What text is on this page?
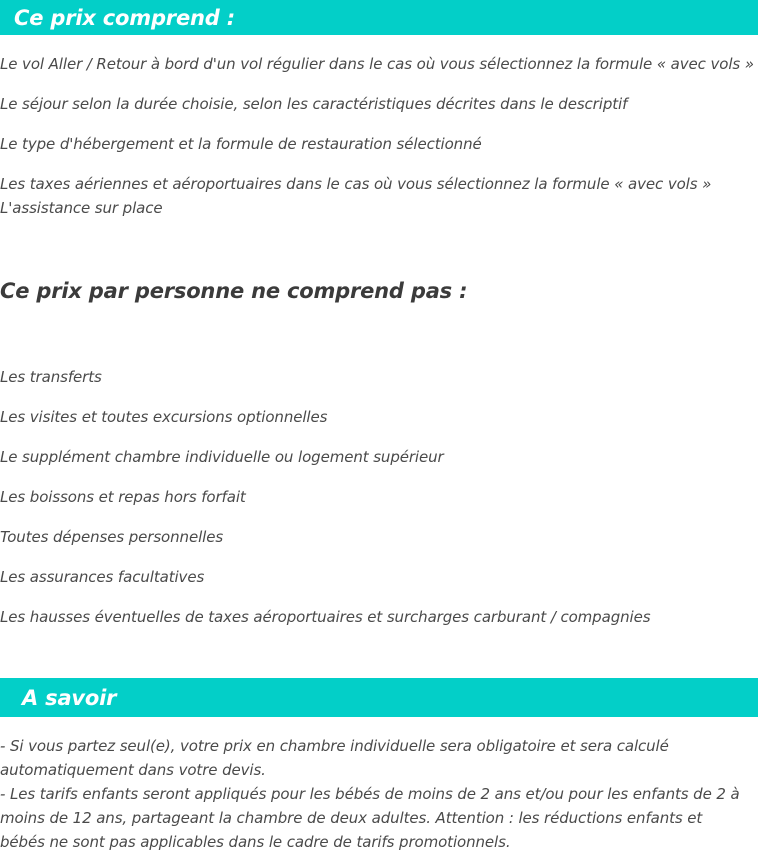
Ce prix comprend :
Le vol Aller / Retour à bord d'un vol régulier dans le cas où vous sélectionnez la formule « avec vols »
Le séjour selon la durée choisie, selon les caractéristiques décrites dans le descriptif
Le type d'hébergement et la formule de restauration sélectionné
Les taxes aériennes et aéroportuaires dans le cas où vous sélectionnez la formule « avec vols »
L'assistance sur place
Ce prix par personne ne comprend pas :
Les transferts
Les visites et toutes excursions optionnelles
Le supplément chambre individuelle ou logement supérieur
Les boissons et repas hors forfait
Toutes dépenses personnelles
Les assurances facultatives
Les hausses éventuelles de taxes aéroportuaires et surcharges carburant / compagnies
A savoir

- Si vous partez seul(e), votre prix en chambre individuelle sera obligatoire et sera calculé automatiquement dans votre devis.

- Les tarifs enfants seront appliqués pour les bébés de moins de 2 ans et/ou pour les enfants de 2 à moins de 12 ans, partageant la chambre de deux adultes. Attention : les réductions enfants et bébés ne sont pas applicables dans le cadre de tarifs promotionnels.
